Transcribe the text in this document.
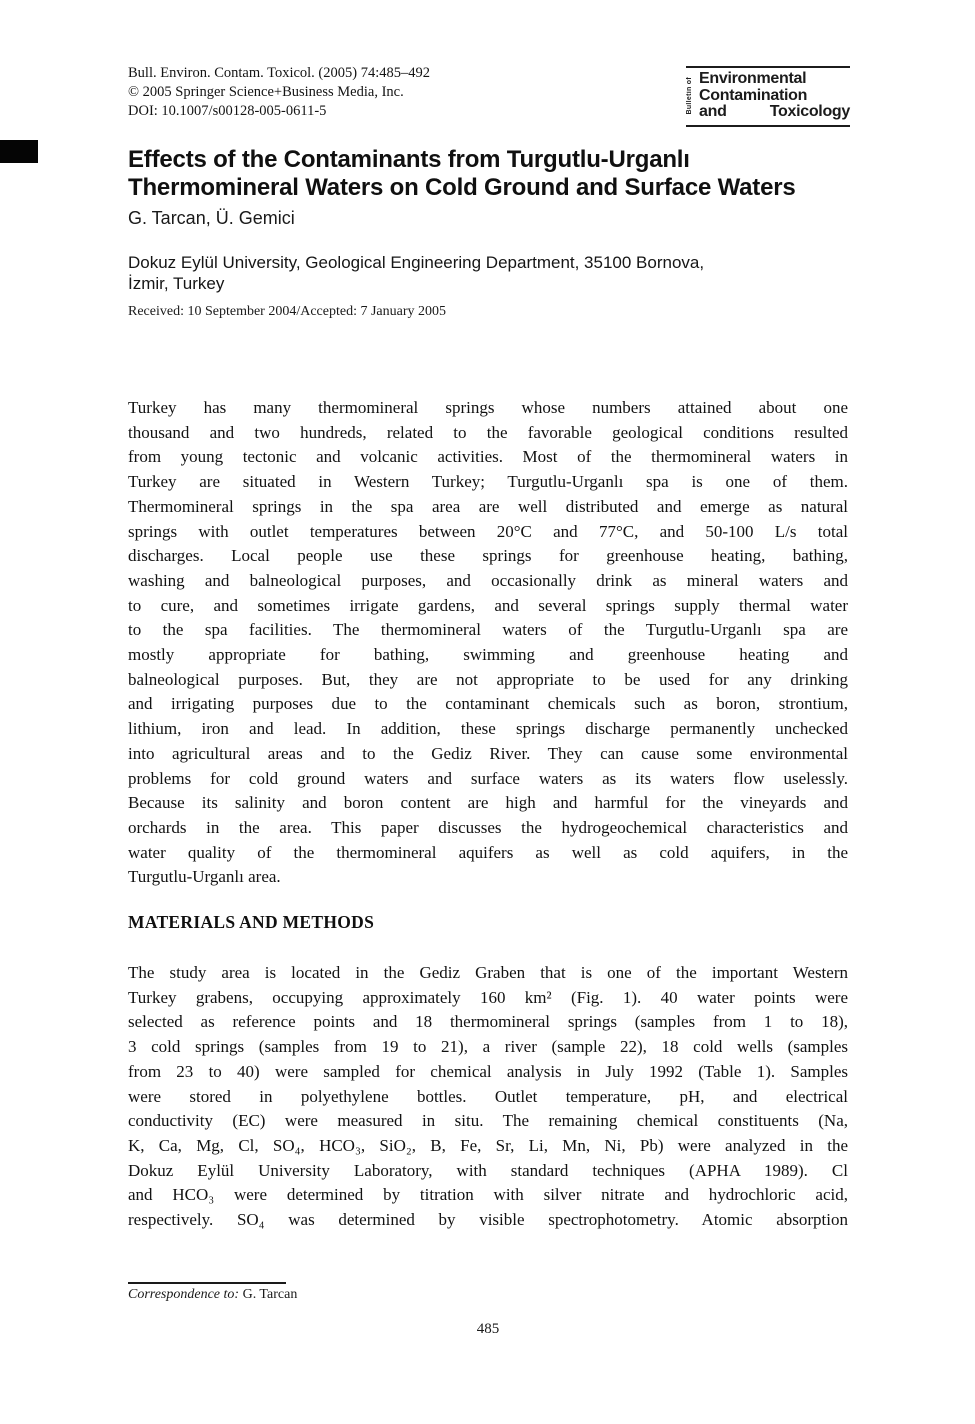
Bull. Environ. Contam. Toxicol. (2005) 74:485–492
© 2005 Springer Science+Business Media, Inc.
DOI: 10.1007/s00128-005-0611-5	Bulletin of Environmental
Contamination
and Toxicology
Effects of the Contaminants from Turgutlu-Urganlı
Thermomineral Waters on Cold Ground and Surface Waters
G. Tarcan, Ü. Gemici
Dokuz Eylül University, Geological Engineering Department, 35100 Bornova,
İzmir, Turkey
Received: 10 September 2004/Accepted: 7 January 2005
Turkey has many thermomineral springs whose numbers attained about one
thousand and two hundreds, related to the favorable geological conditions resulted
from young tectonic and volcanic activities. Most of the thermomineral waters in
Turkey are situated in Western Turkey; Turgutlu-Urganlı spa is one of them.
Thermomineral springs in the spa area are well distributed and emerge as natural
springs with outlet temperatures between 20°C and 77°C, and 50-100 L/s total
discharges. Local people use these springs for greenhouse heating, bathing,
washing and balneological purposes, and occasionally drink as mineral waters and
to cure, and sometimes irrigate gardens, and several springs supply thermal water
to the spa facilities. The thermomineral waters of the Turgutlu-Urganlı spa are
mostly appropriate for bathing, swimming and greenhouse heating and
balneological purposes. But, they are not appropriate to be used for any drinking
and irrigating purposes due to the contaminant chemicals such as boron, strontium,
lithium, iron and lead. In addition, these springs discharge permanently unchecked
into agricultural areas and to the Gediz River. They can cause some environmental
problems for cold ground waters and surface waters as its waters flow uselessly.
Because its salinity and boron content are high and harmful for the vineyards and
orchards in the area. This paper discusses the hydrogeochemical characteristics and
water quality of the thermomineral aquifers as well as cold aquifers, in the
Turgutlu-Urganlı area.
MATERIALS AND METHODS
The study area is located in the Gediz Graben that is one of the important Western
Turkey grabens, occupying approximately 160 km² (Fig. 1). 40 water points were
selected as reference points and 18 thermomineral springs (samples from 1 to 18),
3 cold springs (samples from 19 to 21), a river (sample 22), 18 cold wells (samples
from 23 to 40) were sampled for chemical analysis in July 1992 (Table 1). Samples
were stored in polyethylene bottles. Outlet temperature, pH, and electrical
conductivity (EC) were measured in situ. The remaining chemical constituents (Na,
K, Ca, Mg, Cl, SO₄, HCO₃, SiO₂, B, Fe, Sr, Li, Mn, Ni, Pb) were analyzed in the
Dokuz Eylül University Laboratory, with standard techniques (APHA 1989). Cl
and HCO₃ were determined by titration with silver nitrate and hydrochloric acid,
respectively. SO₄ was determined by visible spectrophotometry. Atomic absorption
Correspondence to: G. Tarcan
485
